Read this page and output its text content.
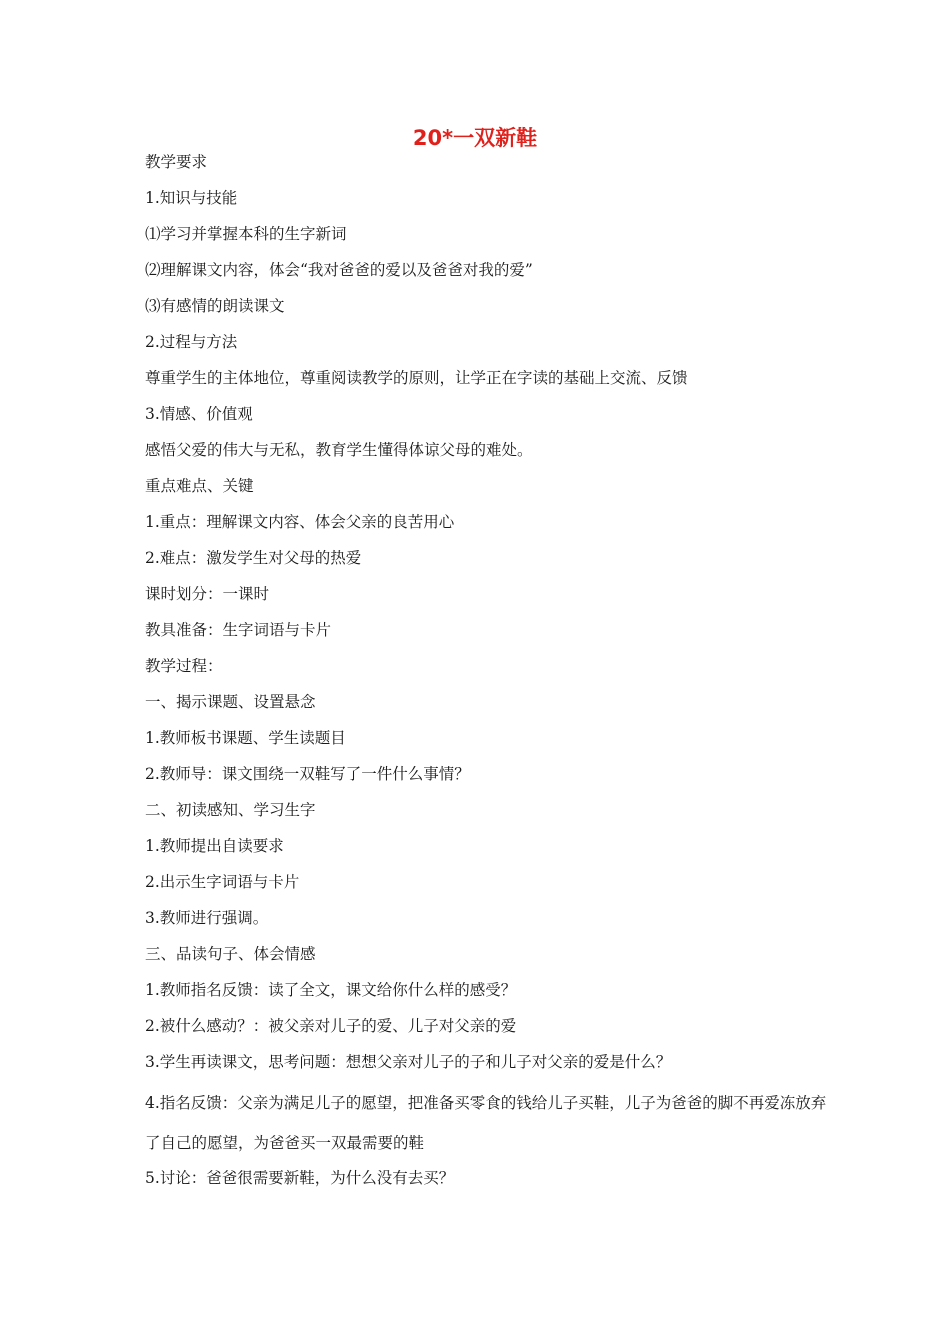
20*一双新鞋
教学要求
1.知识与技能
⑴学习并掌握本科的生字新词
⑵理解课文内容，体会“我对爸爸的爱以及爸爸对我的爱”
⑶有感情的朗读课文
2.过程与方法
尊重学生的主体地位，尊重阅读教学的原则，让学正在字读的基础上交流、反馈
3.情感、价值观
感悟父爱的伟大与无私，教育学生懂得体谅父母的难处。
重点难点、关键
1.重点：理解课文内容、体会父亲的良苦用心
2.难点：激发学生对父母的热爱
课时划分：一课时
教具准备：生字词语与卡片
教学过程：
一、揭示课题、设置悬念
1.教师板书课题、学生读题目
2.教师导：课文围绕一双鞋写了一件什么事情？
二、初读感知、学习生字
1.教师提出自读要求
2.出示生字词语与卡片
3.教师进行强调。
三、品读句子、体会情感
1.教师指名反馈：读了全文，课文给你什么样的感受？
2.被什么感动？：被父亲对儿子的爱、儿子对父亲的爱
3.学生再读课文，思考问题：想想父亲对儿子的子和儿子对父亲的爱是什么？
4.指名反馈：父亲为满足儿子的愿望，把准备买零食的钱给儿子买鞋，儿子为爸爸的脚不再爱冻放弃了自己的愿望，为爸爸买一双最需要的鞋
5.讨论：爸爸很需要新鞋，为什么没有去买？
